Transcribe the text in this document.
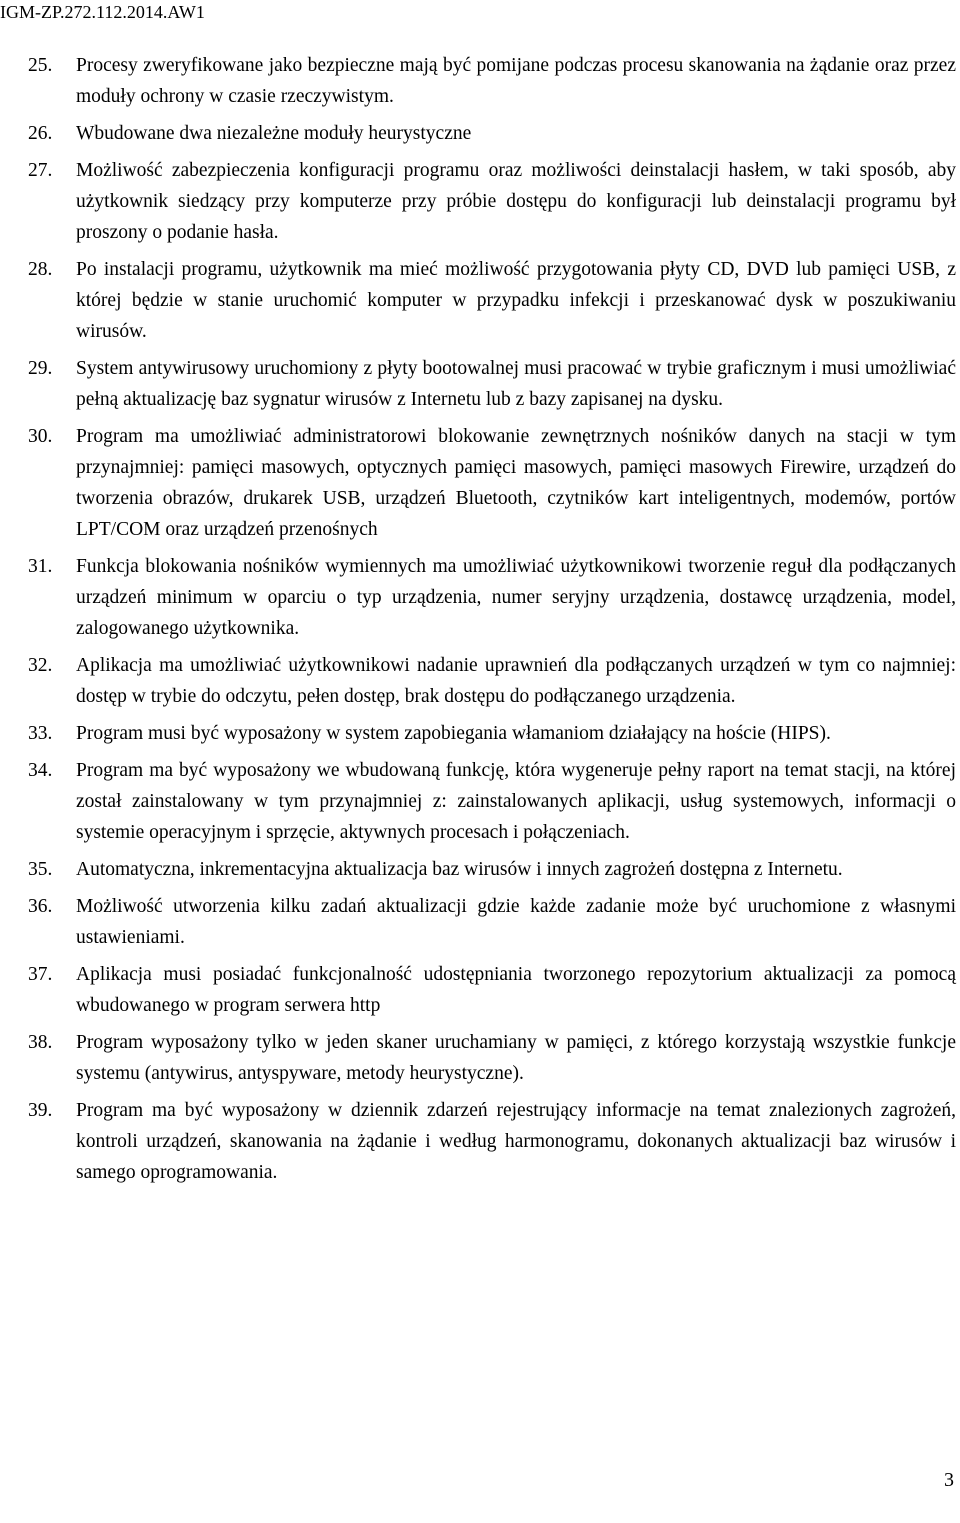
IGM-ZP.272.112.2014.AW1
25. Procesy zweryfikowane jako bezpieczne mają być pomijane podczas procesu skanowania na żądanie oraz przez moduły ochrony w czasie rzeczywistym.
26. Wbudowane dwa niezależne moduły heurystyczne
27. Możliwość zabezpieczenia konfiguracji programu oraz możliwości deinstalacji hasłem, w taki sposób, aby użytkownik siedzący przy komputerze przy próbie dostępu do konfiguracji lub deinstalacji programu był proszony o podanie hasła.
28. Po instalacji programu, użytkownik ma mieć możliwość przygotowania płyty CD, DVD lub pamięci USB, z której będzie w stanie uruchomić komputer w przypadku infekcji i przeskanować dysk w poszukiwaniu wirusów.
29. System antywirusowy uruchomiony z płyty bootowalnej musi pracować w trybie graficznym i musi umożliwiać pełną aktualizację baz sygnatur wirusów z Internetu lub z bazy zapisanej na dysku.
30. Program ma umożliwiać administratorowi blokowanie zewnętrznych nośników danych na stacji w tym przynajmniej: pamięci masowych, optycznych pamięci masowych, pamięci masowych Firewire, urządzeń do tworzenia obrazów, drukarek USB, urządzeń Bluetooth, czytników kart inteligentnych, modemów, portów LPT/COM oraz urządzeń przenośnych
31. Funkcja blokowania nośników wymiennych ma umożliwiać użytkownikowi tworzenie reguł dla podłączanych urządzeń minimum w oparciu o typ urządzenia, numer seryjny urządzenia, dostawcę urządzenia, model, zalogowanego użytkownika.
32. Aplikacja ma umożliwiać użytkownikowi nadanie uprawnień dla podłączanych urządzeń w tym co najmniej: dostęp w trybie do odczytu, pełen dostęp, brak dostępu do podłączanego urządzenia.
33. Program musi być wyposażony w system zapobiegania włamaniom działający na hoście (HIPS).
34. Program ma być wyposażony we wbudowaną funkcję, która wygeneruje pełny raport na temat stacji, na której został zainstalowany w tym przynajmniej z: zainstalowanych aplikacji, usług systemowych, informacji o systemie operacyjnym i sprzęcie, aktywnych procesach i połączeniach.
35. Automatyczna, inkrementacyjna aktualizacja baz wirusów i innych zagrożeń dostępna z Internetu.
36. Możliwość utworzenia kilku zadań aktualizacji gdzie każde zadanie może być uruchomione z własnymi ustawieniami.
37. Aplikacja musi posiadać funkcjonalność udostępniania tworzonego repozytorium aktualizacji za pomocą wbudowanego w program serwera http
38. Program wyposażony tylko w jeden skaner uruchamiany w pamięci, z którego korzystają wszystkie funkcje systemu (antywirus, antyspyware, metody heurystyczne).
39. Program ma być wyposażony w dziennik zdarzeń rejestrujący informacje na temat znalezionych zagrożeń, kontroli urządzeń, skanowania na żądanie i według harmonogramu, dokonanych aktualizacji baz wirusów i samego oprogramowania.
3
